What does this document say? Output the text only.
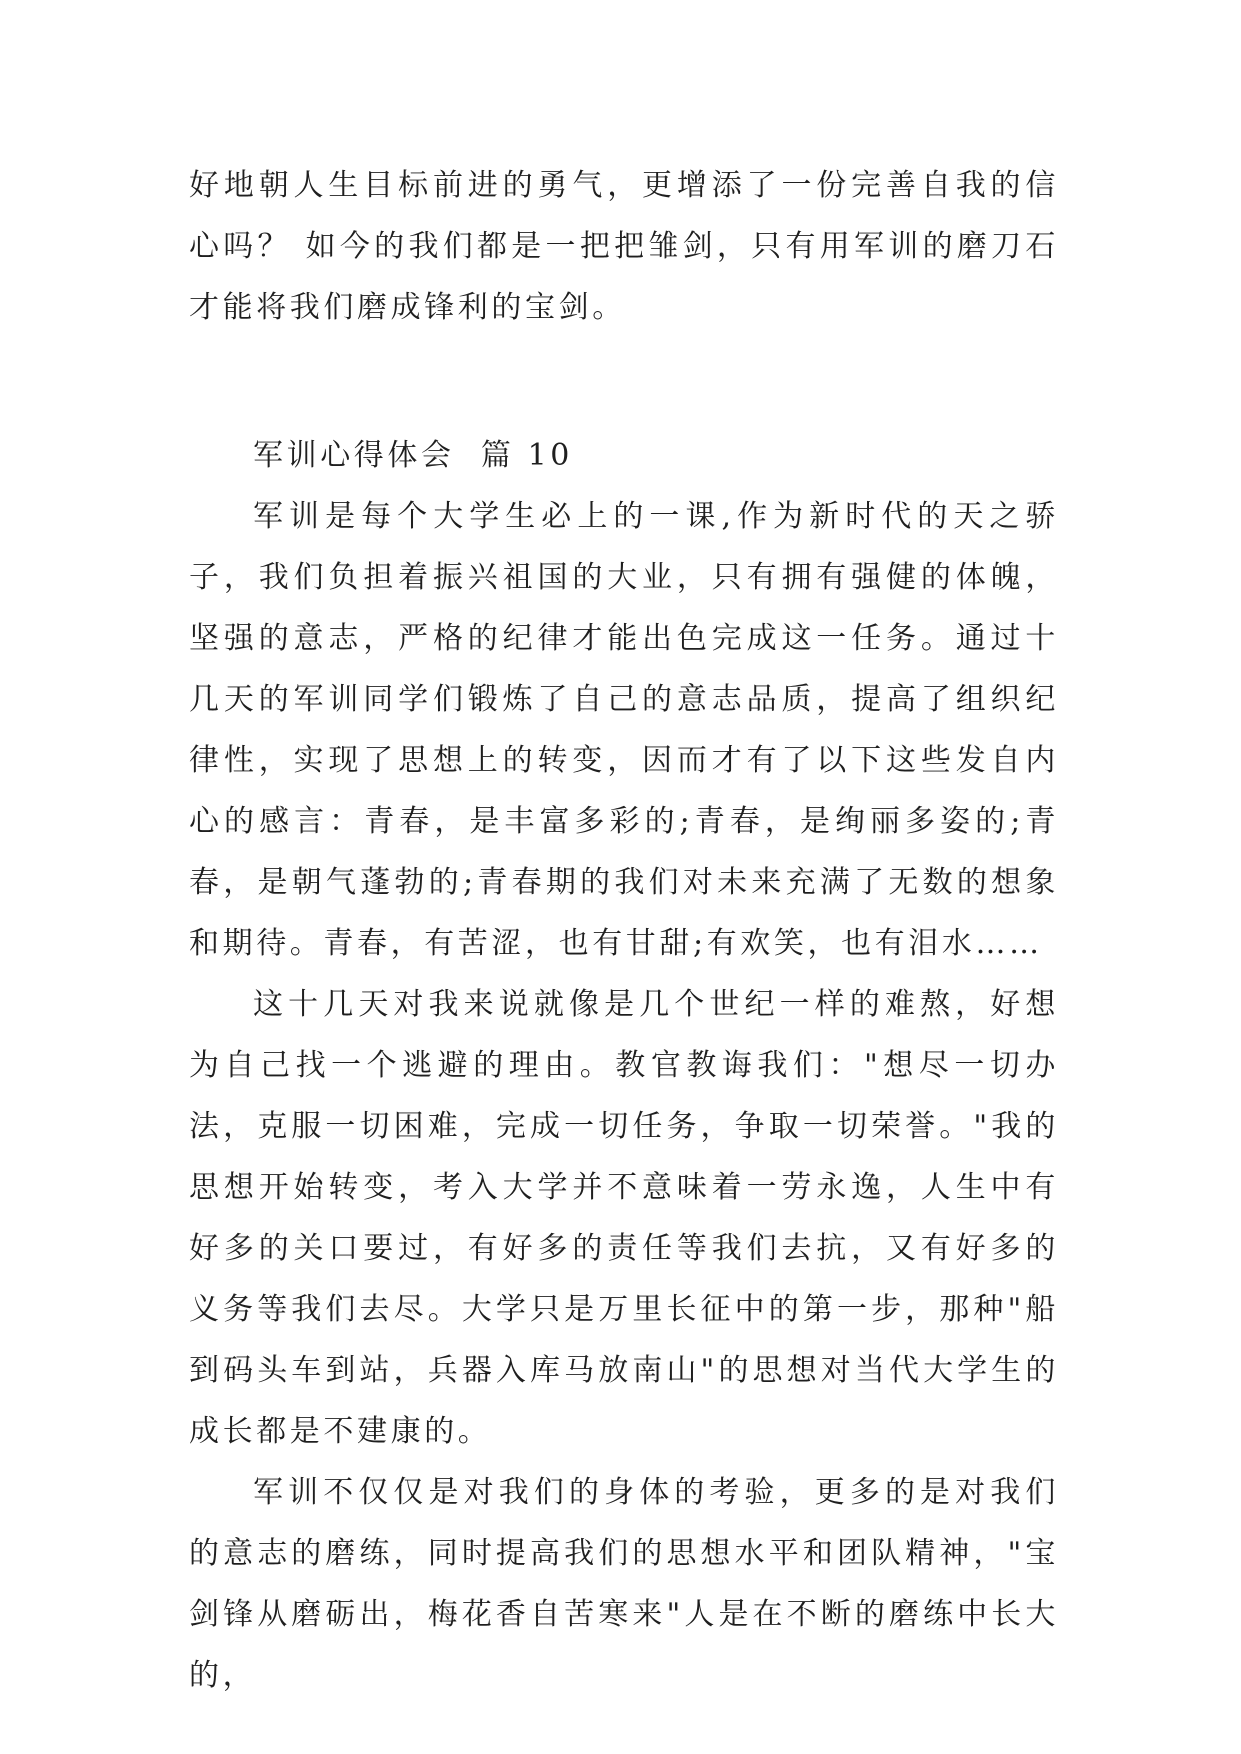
好地朝人生目标前进的勇气，更增添了一份完善自我的信心吗？ 如今的我们都是一把把雏剑，只有用军训的磨刀石才能将我们磨成锋利的宝剑。

军训心得体会  篇 10

军训是每个大学生必上的一课,作为新时代的天之骄子，我们负担着振兴祖国的大业，只有拥有强健的体魄，坚强的意志，严格的纪律才能出色完成这一任务。通过十几天的军训同学们锻炼了自己的意志品质，提高了组织纪律性，实现了思想上的转变，因而才有了以下这些发自内心的感言：青春，是丰富多彩的;青春，是绚丽多姿的;青春，是朝气蓬勃的;青春期的我们对未来充满了无数的想象和期待。青春，有苦涩，也有甘甜;有欢笑，也有泪水……

这十几天对我来说就像是几个世纪一样的难熬，好想为自己找一个逃避的理由。教官教诲我们："想尽一切办法，克服一切困难，完成一切任务，争取一切荣誉。"我的思想开始转变，考入大学并不意味着一劳永逸，人生中有好多的关口要过，有好多的责任等我们去抗，又有好多的义务等我们去尽。大学只是万里长征中的第一步，那种"船到码头车到站，兵器入库马放南山"的思想对当代大学生的成长都是不建康的。

军训不仅仅是对我们的身体的考验，更多的是对我们的意志的磨练，同时提高我们的思想水平和团队精神，"宝剑锋从磨砺出，梅花香自苦寒来"人是在不断的磨练中长大的，
